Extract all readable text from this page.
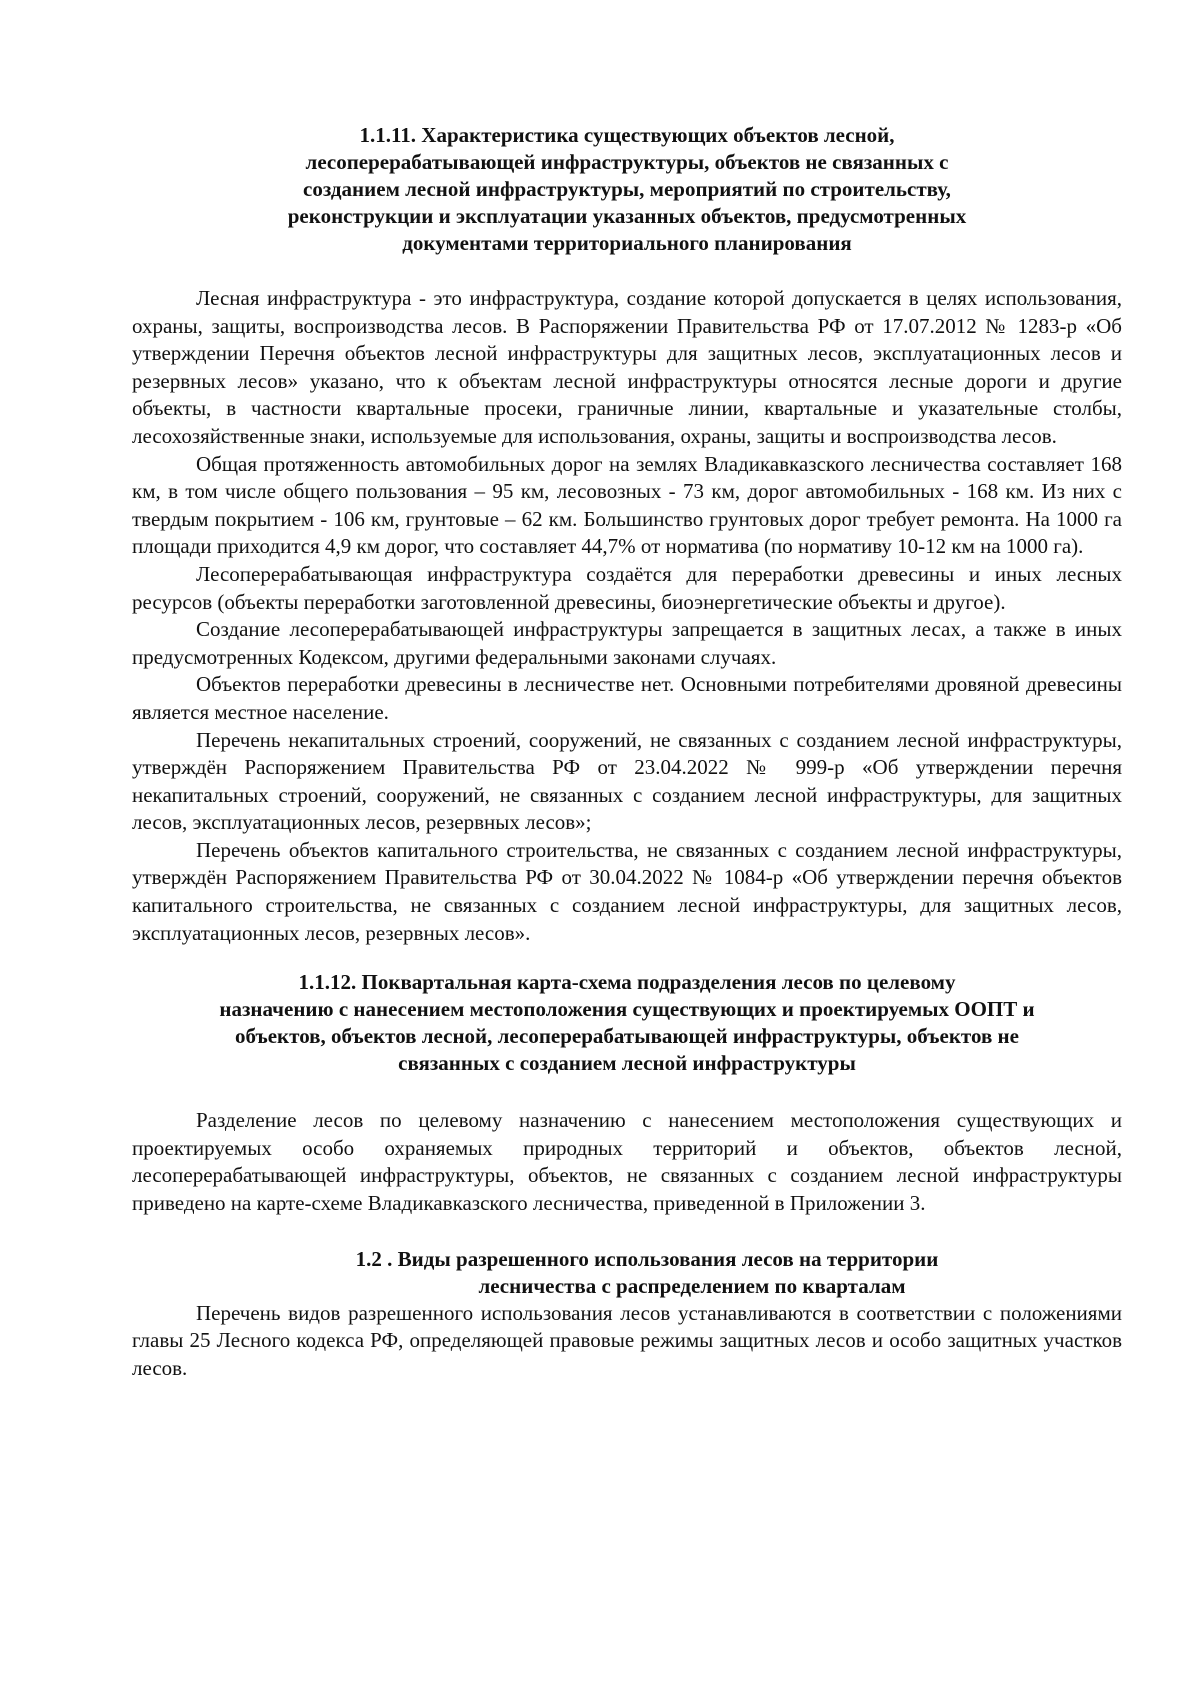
1.1.11. Характеристика существующих объектов лесной,
лесоперерабатывающей инфраструктуры, объектов не связанных с
созданием лесной инфраструктуры, мероприятий по строительству,
реконструкции и эксплуатации указанных объектов, предусмотренных
документами территориального планирования

Лесная инфраструктура - это инфраструктура, создание которой допускается в целях использования, охраны, защиты, воспроизводства лесов. В Распоряжении Правительства РФ от 17.07.2012 № 1283-р «Об утверждении Перечня объектов лесной инфраструктуры для защитных лесов, эксплуатационных лесов и резервных лесов» указано, что к объектам лесной инфраструктуры относятся лесные дороги и другие объекты, в частности квартальные просеки, граничные линии, квартальные и указательные столбы, лесохозяйственные знаки, используемые для использования, охраны, защиты и воспроизводства лесов.

Общая протяженность автомобильных дорог на землях Владикавказского лесничества составляет 168 км, в том числе общего пользования – 95 км, лесовозных - 73 км, дорог автомобильных - 168 км. Из них с твердым покрытием - 106 км, грунтовые – 62 км. Большинство грунтовых дорог требует ремонта. На 1000 га площади приходится 4,9 км дорог, что составляет 44,7% от норматива (по нормативу 10-12 км на 1000 га).

Лесоперерабатывающая инфраструктура создаётся для переработки древесины и иных лесных ресурсов (объекты переработки заготовленной древесины, биоэнергетические объекты и другое).

Создание лесоперерабатывающей инфраструктуры запрещается в защитных лесах, а также в иных предусмотренных Кодексом, другими федеральными законами случаях.

Объектов переработки древесины в лесничестве нет. Основными потребителями дровяной древесины является местное население.

Перечень некапитальных строений, сооружений, не связанных с созданием лесной инфраструктуры, утверждён Распоряжением Правительства РФ от 23.04.2022 № 999-р «Об утверждении перечня некапитальных строений, сооружений, не связанных с созданием лесной инфраструктуры, для защитных лесов, эксплуатационных лесов, резервных лесов»;

Перечень объектов капитального строительства, не связанных с созданием лесной инфраструктуры, утверждён Распоряжением Правительства РФ от 30.04.2022 № 1084-р «Об утверждении перечня объектов капитального строительства, не связанных с созданием лесной инфраструктуры, для защитных лесов, эксплуатационных лесов, резервных лесов».

1.1.12. Поквартальная карта-схема подразделения лесов по целевому
назначению с нанесением местоположения существующих и проектируемых ООПТ и
объектов, объектов лесной, лесоперерабатывающей инфраструктуры, объектов не
связанных с созданием лесной инфраструктуры

Разделение лесов по целевому назначению с нанесением местоположения существующих и проектируемых особо охраняемых природных территорий и объектов, объектов лесной, лесоперерабатывающей инфраструктуры, объектов, не связанных с созданием лесной инфраструктуры приведено на карте-схеме Владикавказского лесничества, приведенной в Приложении 3.

1.2 . Виды разрешенного использования лесов на территории
лесничества с распределением по кварталам

Перечень видов разрешенного использования лесов устанавливаются в соответствии с положениями главы 25 Лесного кодекса РФ, определяющей правовые режимы защитных лесов и особо защитных участков лесов.
